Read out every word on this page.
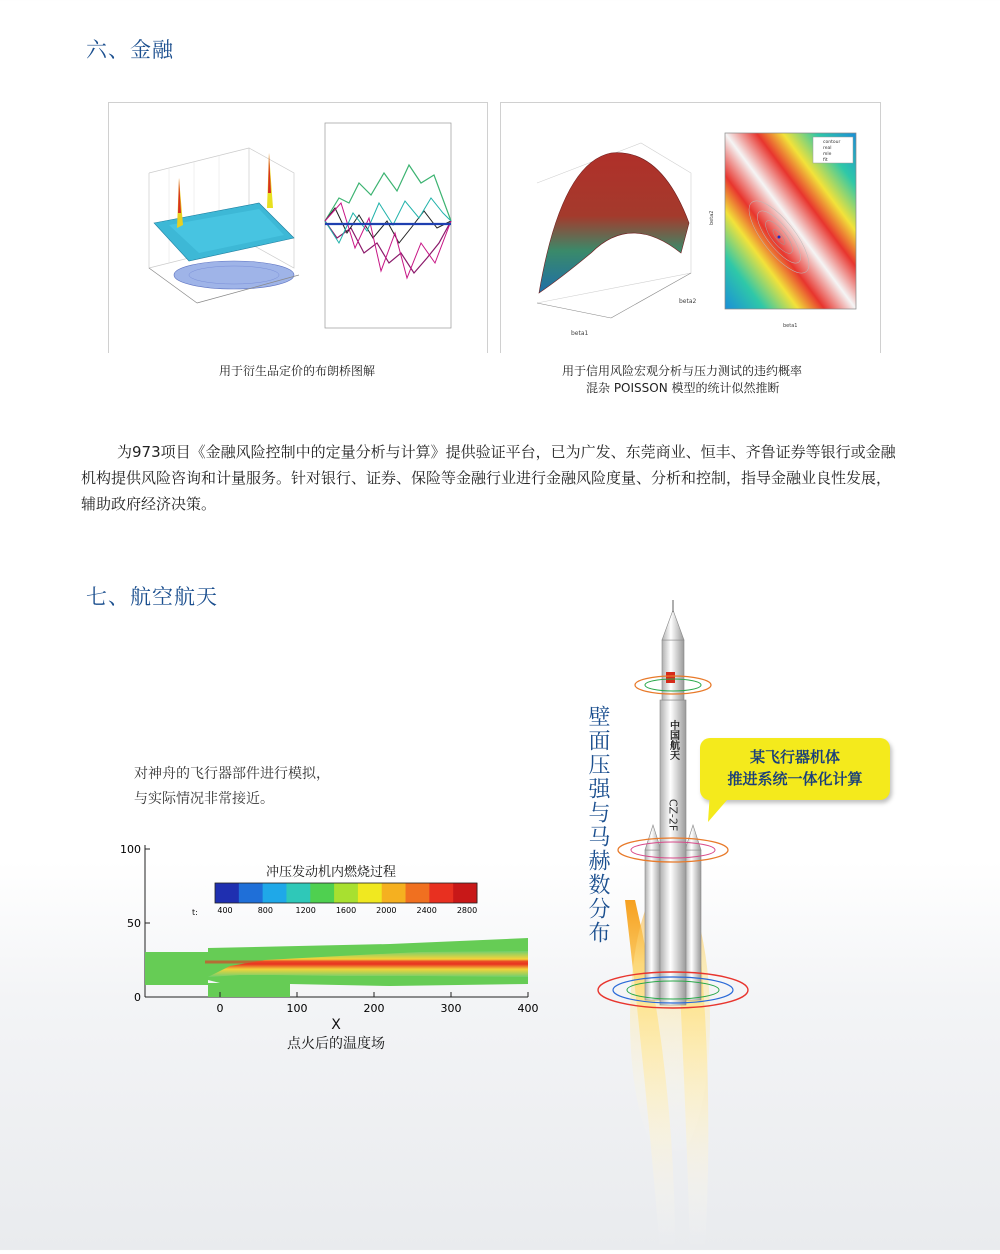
六、金融
beta1
beta2
contour
real
mle
fit
beta1
beta2
用于衍生品定价的布朗桥图解	用于信用风险宏观分析与压力测试的违约概率
混杂 POISSON 模型的统计似然推断
为973项目《金融风险控制中的定量分析与计算》提供验证平台，已为广发、东莞商业、恒丰、齐鲁证券等银行或金融机构提供风险咨询和计量服务。针对银行、证券、保险等金融行业进行金融风险度量、分析和控制，指导金融业良性发展，辅助政府经济决策。
七、航空航天
对神舟的飞行器部件进行模拟，
与实际情况非常接近。
400	800	1200 1600 2000 2400 2800
冲压发动机内燃烧过程
t:
0	100	200	300	400
0
50
100
X
点火后的温度场
中国航天
CZ-2F
壁面压强与马赫数分布	某飞行器机体
推进系统一体化计算
